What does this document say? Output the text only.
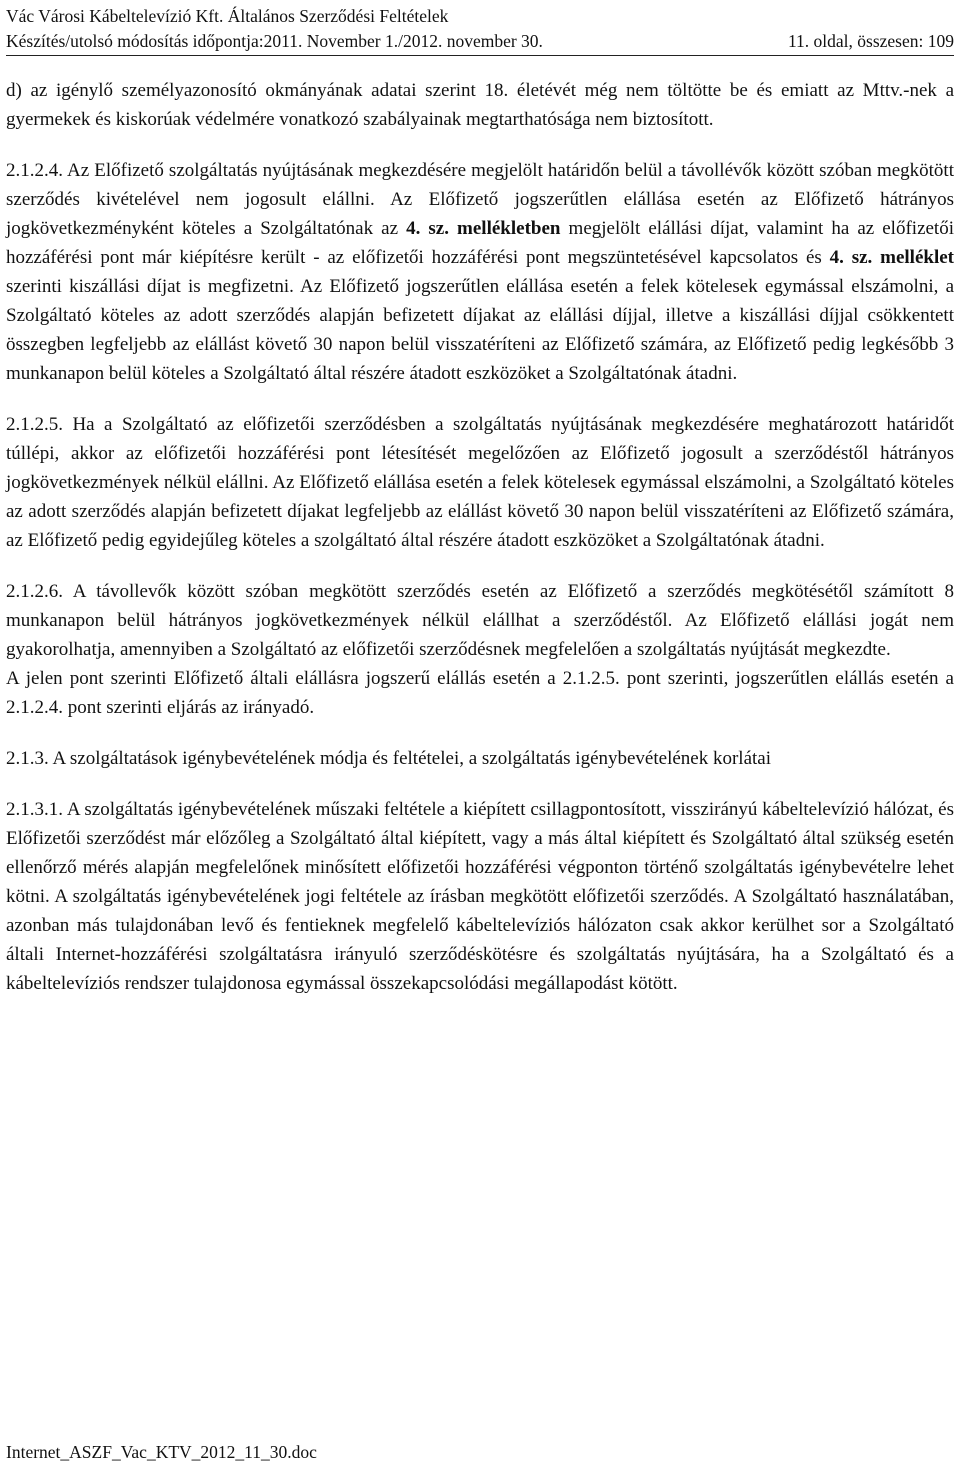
Vác Városi Kábeltelevízió Kft. Általános Szerződési Feltételek
Készítés/utolsó módosítás időpontja:2011. November 1./2012. november 30.	11. oldal, összesen: 109

d) az igénylő személyazonosító okmányának adatai szerint 18. életévét még nem töltötte be és emiatt az Mttv.-nek a gyermekek és kiskorúak védelmére vonatkozó szabályainak megtarthatósága nem biztosított.

2.1.2.4. Az Előfizető szolgáltatás nyújtásának megkezdésére megjelölt határidőn belül a távollévők között szóban megkötött szerződés kivételével nem jogosult elállni. Az Előfizető jogszerűtlen elállása esetén az Előfizető hátrányos jogkövetkezményként köteles a Szolgáltatónak az 4. sz. mellékletben megjelölt elállási díjat, valamint ha az előfizetői hozzáférési pont már kiépítésre került - az előfizetői hozzáférési pont megszüntetésével kapcsolatos és 4. sz. melléklet szerinti kiszállási díjat is megfizetni. Az Előfizető jogszerűtlen elállása esetén a felek kötelesek egymással elszámolni, a Szolgáltató köteles az adott szerződés alapján befizetett díjakat az elállási díjjal, illetve a kiszállási díjjal csökkentett összegben legfeljebb az elállást követő 30 napon belül visszatéríteni az Előfizető számára, az Előfizető pedig legkésőbb 3 munkanapon belül köteles a Szolgáltató által részére átadott eszközöket a Szolgáltatónak átadni.

2.1.2.5. Ha a Szolgáltató az előfizetői szerződésben a szolgáltatás nyújtásának megkezdésére meghatározott határidőt túllépi, akkor az előfizetői hozzáférési pont létesítését megelőzően az Előfizető jogosult a szerződéstől hátrányos jogkövetkezmények nélkül elállni. Az Előfizető elállása esetén a felek kötelesek egymással elszámolni, a Szolgáltató köteles az adott szerződés alapján befizetett díjakat legfeljebb az elállást követő 30 napon belül visszatéríteni az Előfizető számára, az Előfizető pedig egyidejűleg köteles a szolgáltató által részére átadott eszközöket a Szolgáltatónak átadni.

2.1.2.6. A távollevők között szóban megkötött szerződés esetén az Előfizető a szerződés megkötésétől számított 8 munkanapon belül hátrányos jogkövetkezmények nélkül elállhat a szerződéstől. Az Előfizető elállási jogát nem gyakorolhatja, amennyiben a Szolgáltató az előfizetői szerződésnek megfelelően a szolgáltatás nyújtását megkezdte.

A jelen pont szerinti Előfizető általi elállásra jogszerű elállás esetén a 2.1.2.5. pont szerinti, jogszerűtlen elállás esetén a 2.1.2.4. pont szerinti eljárás az irányadó.

2.1.3. A szolgáltatások igénybevételének módja és feltételei, a szolgáltatás igénybevételének korlátai

2.1.3.1. A szolgáltatás igénybevételének műszaki feltétele a kiépített csillagpontosított, visszirányú kábeltelevízió hálózat, és Előfizetői szerződést már előzőleg a Szolgáltató által kiépített, vagy a más által kiépített és Szolgáltató által szükség esetén ellenőrző mérés alapján megfelelőnek minősített előfizetői hozzáférési végponton történő szolgáltatás igénybevételre lehet kötni. A szolgáltatás igénybevételének jogi feltétele az írásban megkötött előfizetői szerződés. A Szolgáltató használatában, azonban más tulajdonában levő és fentieknek megfelelő kábeltelevíziós hálózaton csak akkor kerülhet sor a Szolgáltató általi Internet-hozzáférési szolgáltatásra irányuló szerződéskötésre és szolgáltatás nyújtására, ha a Szolgáltató és a kábeltelevíziós rendszer tulajdonosa egymással összekapcsolódási megállapodást kötött.

Internet_ASZF_Vac_KTV_2012_11_30.doc
